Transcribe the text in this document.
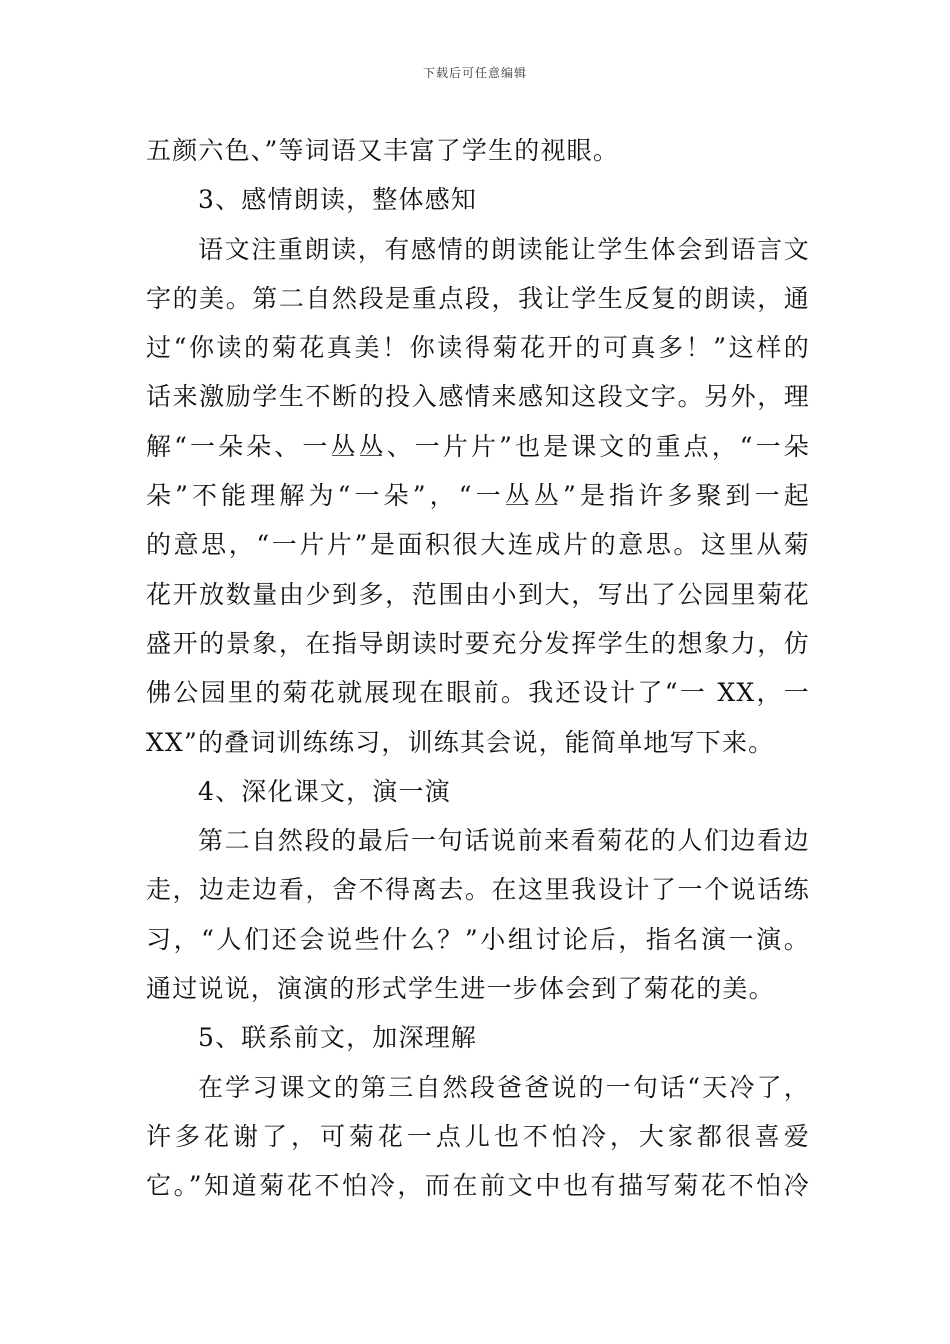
下载后可任意编辑
五颜六色、”等词语又丰富了学生的视眼。
3、感情朗读，整体感知
语文注重朗读，有感情的朗读能让学生体会到语言文
字的美。第二自然段是重点段，我让学生反复的朗读，通
过“你读的菊花真美！你读得菊花开的可真多！”这样的
话来激励学生不断的投入感情来感知这段文字。另外，理
解“一朵朵、一丛丛、一片片”也是课文的重点，“一朵
朵”不能理解为“一朵”，“一丛丛”是指许多聚到一起
的意思，“一片片”是面积很大连成片的意思。这里从菊
花开放数量由少到多，范围由小到大，写出了公园里菊花
盛开的景象，在指导朗读时要充分发挥学生的想象力，仿
佛公园里的菊花就展现在眼前。我还设计了“一 XX，一
XX”的叠词训练练习，训练其会说，能简单地写下来。
4、深化课文，演一演
第二自然段的最后一句话说前来看菊花的人们边看边
走，边走边看，舍不得离去。在这里我设计了一个说话练
习，“人们还会说些什么？”小组讨论后，指名演一演。
通过说说，演演的形式学生进一步体会到了菊花的美。
5、联系前文，加深理解
在学习课文的第三自然段爸爸说的一句话“天冷了，
许多花谢了，可菊花一点儿也不怕冷，大家都很喜爱
它。”知道菊花不怕冷，而在前文中也有描写菊花不怕冷
